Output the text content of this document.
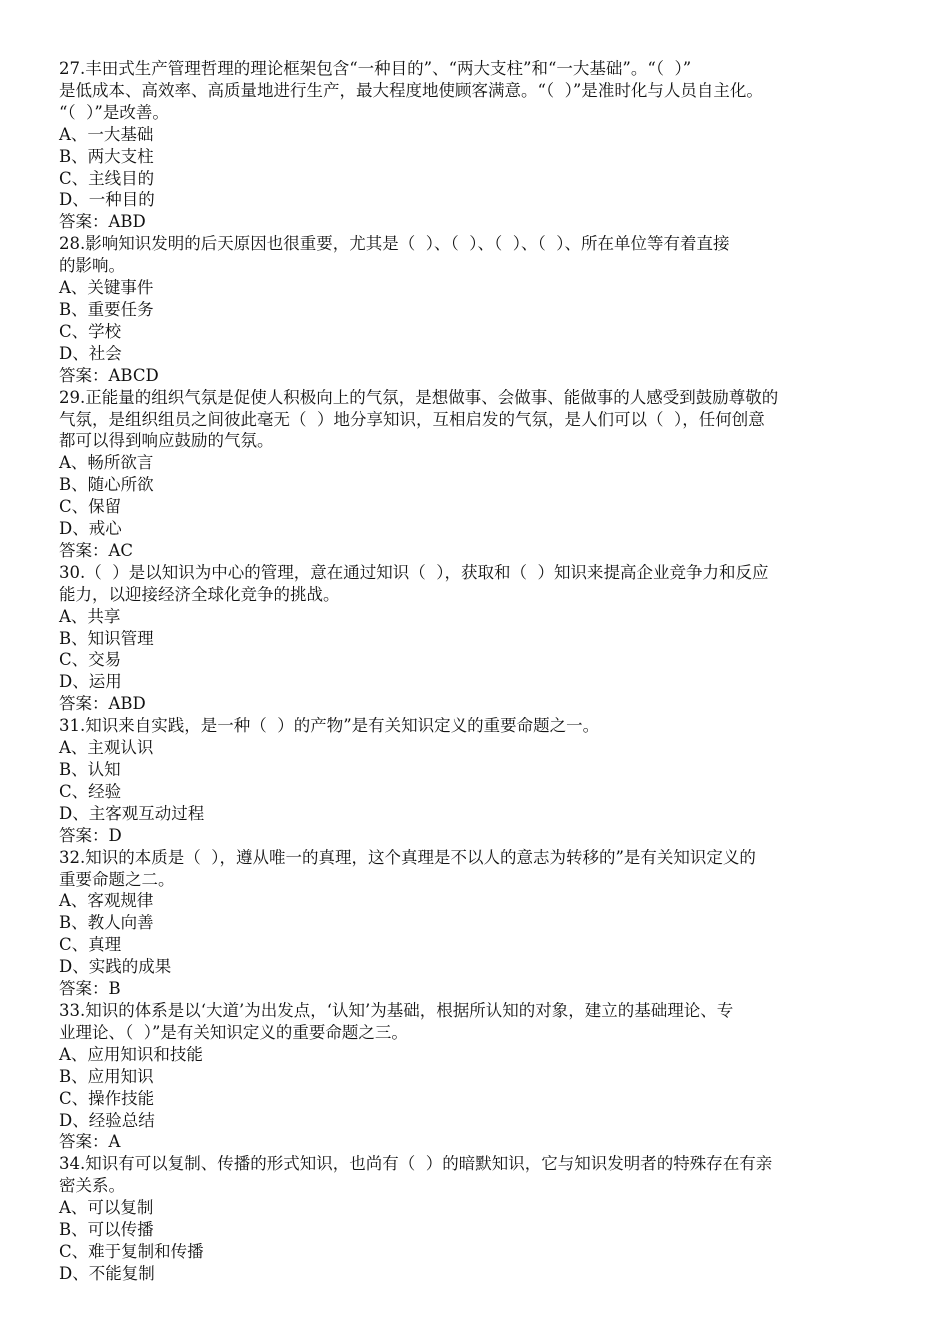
27.丰田式生产管理哲理的理论框架包含“一种目的”、“两大支柱”和“一大基础”。“（  ）”
是低成本、高效率、高质量地进行生产，最大程度地使顾客满意。“（  ）”是准时化与人员自主化。
“（  ）”是改善。
A、一大基础
B、两大支柱
C、主线目的
D、一种目的
答案：ABD
28.影响知识发明的后天原因也很重要，尤其是（  ）、（  ）、（  ）、（  ）、所在单位等有着直接
的影响。
A、关键事件
B、重要任务
C、学校
D、社会
答案：ABCD
29.正能量的组织气氛是促使人积极向上的气氛，是想做事、会做事、能做事的人感受到鼓励尊敬的
气氛，是组织组员之间彼此毫无（  ）地分享知识，互相启发的气氛，是人们可以（  ），任何创意
都可以得到响应鼓励的气氛。
A、畅所欲言
B、随心所欲
C、保留
D、戒心
答案：AC
30.（  ）是以知识为中心的管理，意在通过知识（  ），获取和（  ）知识来提高企业竞争力和反应
能力，以迎接经济全球化竞争的挑战。
A、共享
B、知识管理
C、交易
D、运用
答案：ABD
31.知识来自实践，是一种（  ）的产物”是有关知识定义的重要命题之一。
A、主观认识
B、认知
C、经验
D、主客观互动过程
答案：D
32.知识的本质是（  ），遵从唯一的真理，这个真理是不以人的意志为转移的”是有关知识定义的
重要命题之二。
A、客观规律
B、教人向善
C、真理
D、实践的成果
答案：B
33.知识的体系是以‘大道’为出发点，‘认知’为基础，根据所认知的对象，建立的基础理论、专
业理论、（  ）”是有关知识定义的重要命题之三。
A、应用知识和技能
B、应用知识
C、操作技能
D、经验总结
答案：A
34.知识有可以复制、传播的形式知识，也尚有（  ）的暗默知识，它与知识发明者的特殊存在有亲
密关系。
A、可以复制
B、可以传播
C、难于复制和传播
D、不能复制
